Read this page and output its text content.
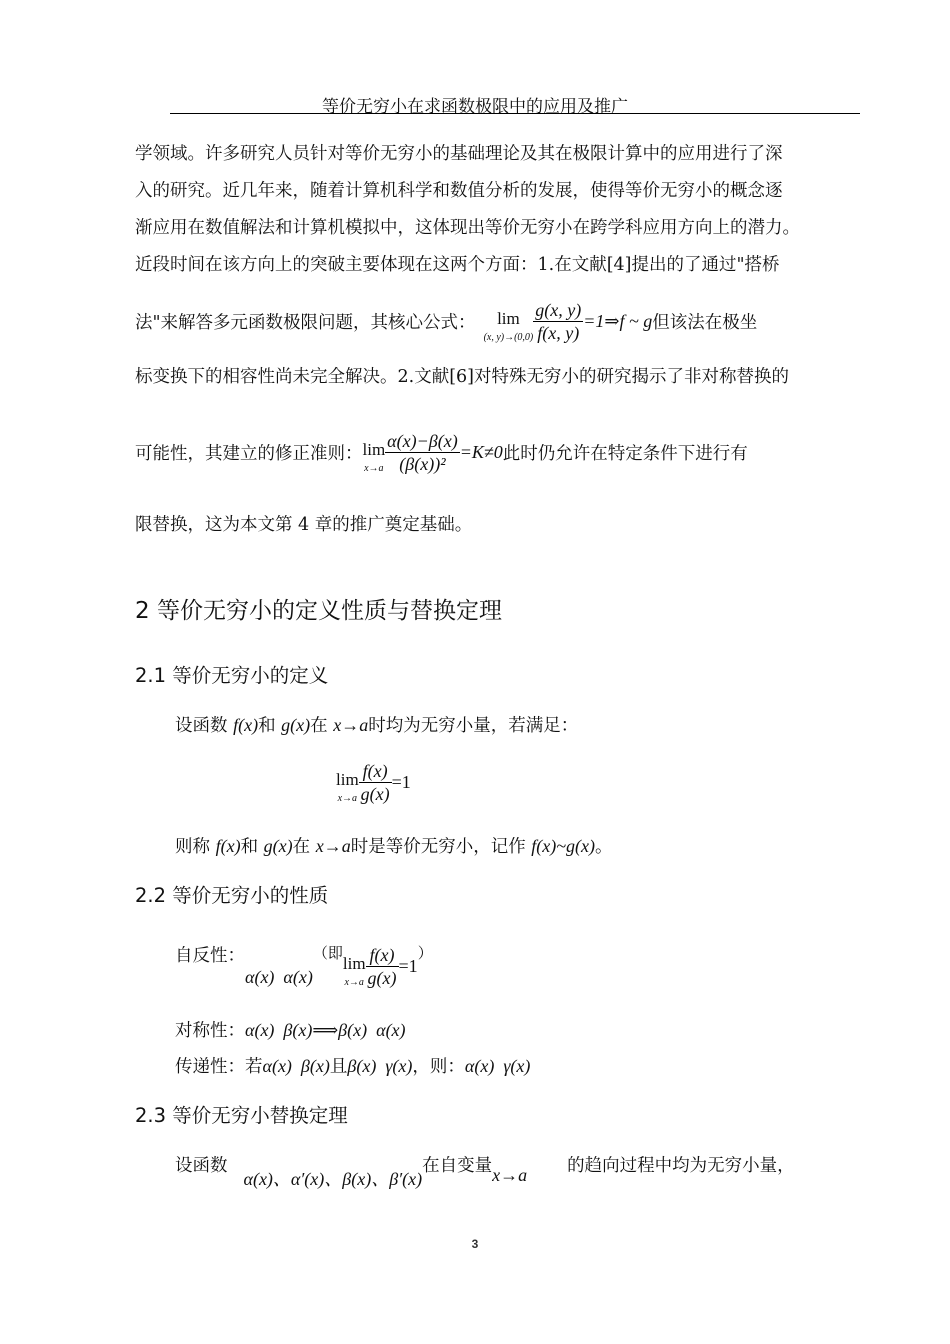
等价无穷小在求函数极限中的应用及推广
学领域。许多研究人员针对等价无穷小的基础理论及其在极限计算中的应用进行了深
入的研究。近几年来，随着计算机科学和数值分析的发展，使得等价无穷小的概念逐
渐应用在数值解法和计算机模拟中，这体现出等价无穷小在跨学科应用方向上的潜力。
近段时间在该方向上的突破主要体现在这两个方面：1.在文献[4]提出的了通过"搭桥
法"来解答多元函数极限问题，其核心公式：	lim
(x, $y)\to(0,0) \frac{g(x, y)}{f(x, y)}$ =1⇒f ~ g 但该法在极坐
标变换下的相容性尚未完全解决。2.文献[6]对特殊无穷小的研究揭示了非对称替换的
可能性，其建立的修正准则： lim
$x\to a \frac{\alpha(x)-\beta(x)}{\text{(β(x))²}} =K\ne 0$ 此时仍允许在特定条件下进行有
限替换，这为本文第 4 章的推广奠定基础。
2 等价无穷小的定义性质与替换定理
2.1 等价无穷小的定义
设函数 f(x)和 g(x)在 x→a时均为无穷小量，若满足：
lim
$x\to a \frac{f(x)}{g(x)} =1$
则称 f(x)和 g(x)在 x→a时是等价无穷小，记作 f(x)~g(x)。
2.2 等价无穷小的性质
自反性：
α(x)  α(x)
（即
lim
$x\to a \frac{f(x)}{g(x)} =1$
）
对称性：α(x)  β(x)⟹β(x)  α(x)
传递性：若α(x)  β(x)且β(x)  γ(x)，则：α(x)  γ(x)
2.3 等价无穷小替换定理
设函数
α(x)、α′(x)、β(x)、β′(x)
在自变量 x→a 的趋向过程中均为无穷小量，
3
